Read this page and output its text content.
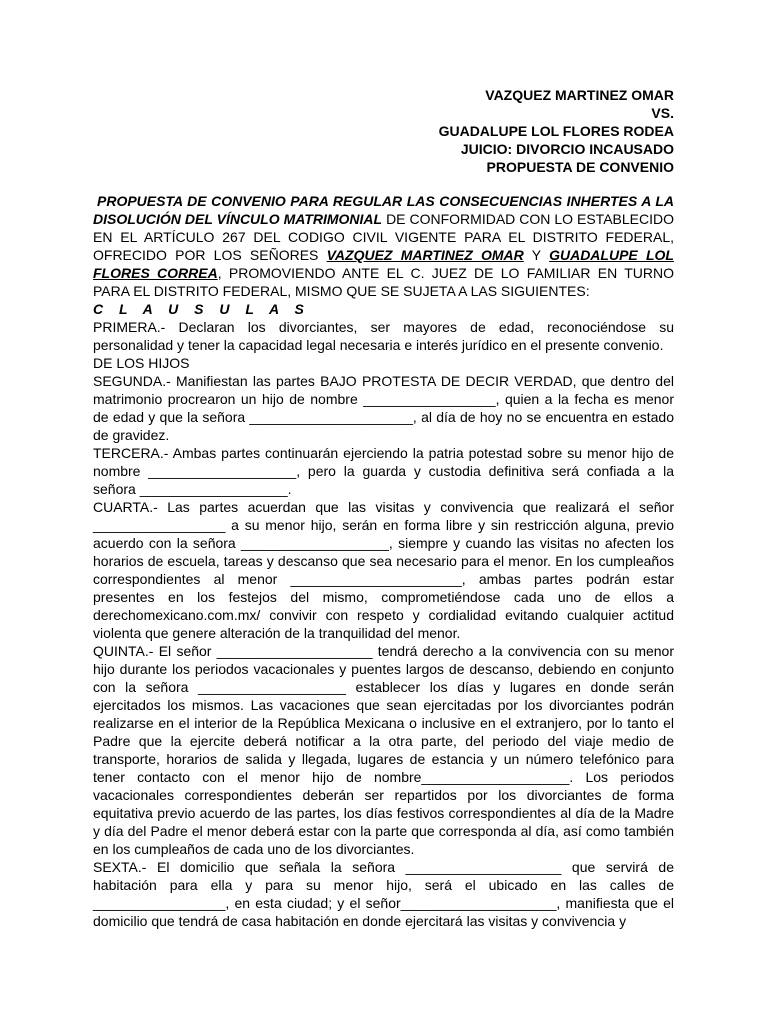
VAZQUEZ MARTINEZ OMAR
VS.
GUADALUPE LOL FLORES RODEA
JUICIO: DIVORCIO INCAUSADO
PROPUESTA DE CONVENIO

PROPUESTA DE CONVENIO PARA REGULAR LAS CONSECUENCIAS INHERTES A LA DISOLUCIÓN DEL VÍNCULO MATRIMONIAL DE CONFORMIDAD CON LO ESTABLECIDO EN EL ARTÍCULO 267 DEL CODIGO CIVIL VIGENTE PARA EL DISTRITO FEDERAL, OFRECIDO POR LOS SEÑORES VAZQUEZ MARTINEZ OMAR Y GUADALUPE LOL FLORES CORREA, PROMOVIENDO ANTE EL C. JUEZ DE LO FAMILIAR EN TURNO PARA EL DISTRITO FEDERAL, MISMO QUE SE SUJETA A LAS SIGUIENTES:

C L A U S U L A S

PRIMERA.- Declaran los divorciantes, ser mayores de edad, reconociéndose su personalidad y tener la capacidad legal necesaria e interés jurídico en el presente convenio.

DE LOS HIJOS

SEGUNDA.- Manifiestan las partes BAJO PROTESTA DE DECIR VERDAD, que dentro del matrimonio procrearon un hijo de nombre _________________, quien a la fecha es menor de edad y que la señora _____________________, al día de hoy no se encuentra en estado de gravidez.

TERCERA.- Ambas partes continuarán ejerciendo la patria potestad sobre su menor hijo de nombre ___________________, pero la guarda y custodia definitiva será confiada a la señora ___________________.

CUARTA.- Las partes acuerdan que las visitas y convivencia que realizará el señor _________________ a su menor hijo, serán en forma libre y sin restricción alguna, previo acuerdo con la señora ___________________, siempre y cuando las visitas no afecten los horarios de escuela, tareas y descanso que sea necesario para el menor. En los cumpleaños correspondientes al menor ______________________, ambas partes podrán estar presentes en los festejos del mismo, comprometiéndose cada uno de ellos a derechomexicano.com.mx/ convivir con respeto y cordialidad evitando cualquier actitud violenta que genere alteración de la tranquilidad del menor.

QUINTA.- El señor ____________________ tendrá derecho a la convivencia con su menor hijo durante los periodos vacacionales y puentes largos de descanso, debiendo en conjunto con la señora ___________________ establecer los días y lugares en donde serán ejercitados los mismos. Las vacaciones que sean ejercitadas por los divorciantes podrán realizarse en el interior de la República Mexicana o inclusive en el extranjero, por lo tanto el Padre que la ejercite deberá notificar a la otra parte, del periodo del viaje medio de transporte, horarios de salida y llegada, lugares de estancia y un número telefónico para tener contacto con el menor hijo de nombre___________________. Los periodos vacacionales correspondientes deberán ser repartidos por los divorciantes de forma equitativa previo acuerdo de las partes, los días festivos correspondientes al día de la Madre y día del Padre el menor deberá estar con la parte que corresponda al día, así como también en los cumpleaños de cada uno de los divorciantes.

SEXTA.- El domicilio que señala la señora ____________________ que servirá de habitación para ella y para su menor hijo, será el ubicado en las calles de _________________, en esta ciudad; y el señor____________________, manifiesta que el domicilio que tendrá de casa habitación en donde ejercitará las visitas y convivencia y
